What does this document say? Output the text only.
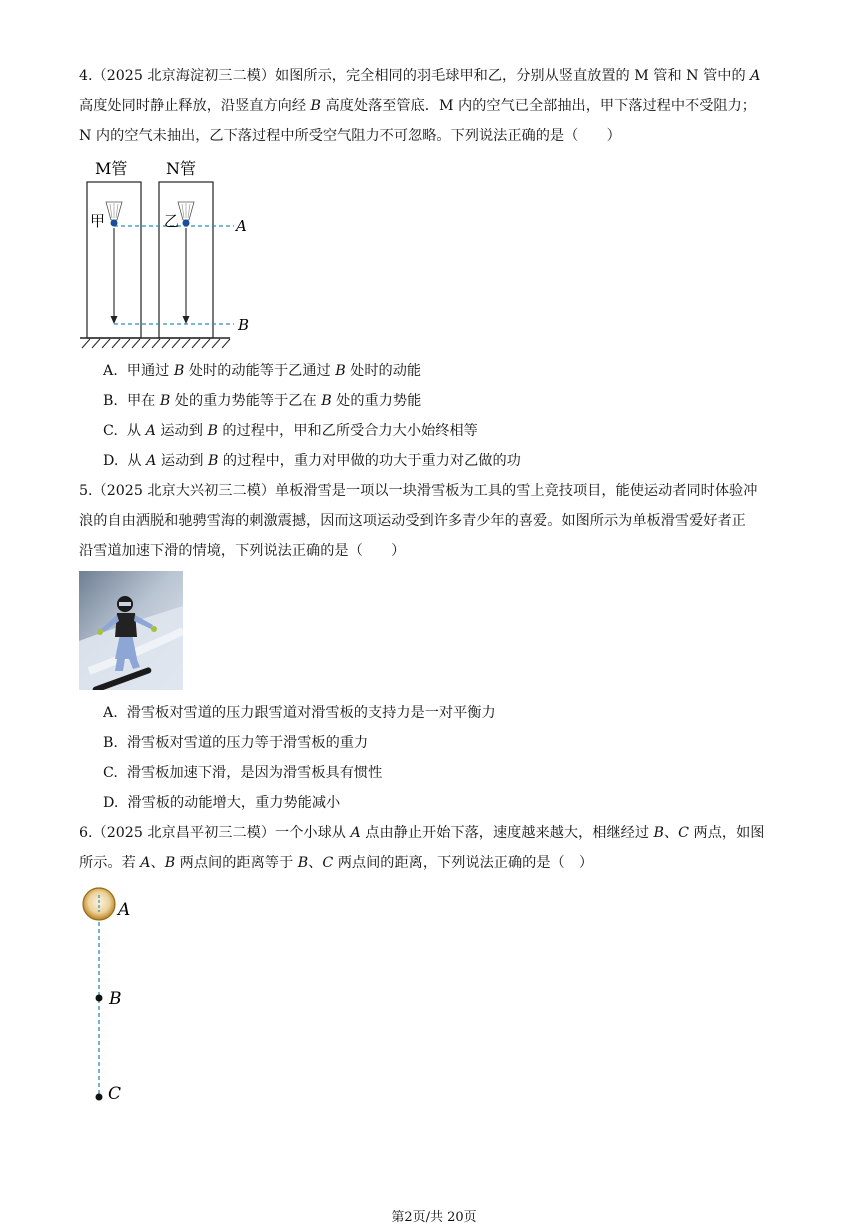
4.（2025 北京海淀初三二模）如图所示，完全相同的羽毛球甲和乙，分别从竖直放置的 M 管和 N 管中的 A
高度处同时静止释放，沿竖直方向经 B 高度处落至管底．M 内的空气已全部抽出，甲下落过程中不受阻力；
N 内的空气未抽出，乙下落过程中所受空气阻力不可忽略。下列说法正确的是（　　）
M管 N管
A
B
甲	乙
A. 甲通过 B 处时的动能等于乙通过 B 处时的动能
B. 甲在 B 处的重力势能等于乙在 B 处的重力势能
C. 从 A 运动到 B 的过程中，甲和乙所受合力大小始终相等
D. 从 A 运动到 B 的过程中，重力对甲做的功大于重力对乙做的功
5.（2025 北京大兴初三二模）单板滑雪是一项以一块滑雪板为工具的雪上竞技项目，能使运动者同时体验冲
浪的自由洒脱和驰骋雪海的刺激震撼，因而这项运动受到许多青少年的喜爱。如图所示为单板滑雪爱好者正
沿雪道加速下滑的情境，下列说法正确的是（　　）
A. 滑雪板对雪道的压力跟雪道对滑雪板的支持力是一对平衡力
B. 滑雪板对雪道的压力等于滑雪板的重力
C. 滑雪板加速下滑，是因为滑雪板具有惯性
D. 滑雪板的动能增大，重力势能减小
6.（2025 北京昌平初三二模）一个小球从 A 点由静止开始下落，速度越来越大，相继经过 B、C 两点，如图
所示。若 A、B 两点间的距离等于 B、C 两点间的距离，下列说法正确的是（　）
A
B
C
第2页/共 20页
